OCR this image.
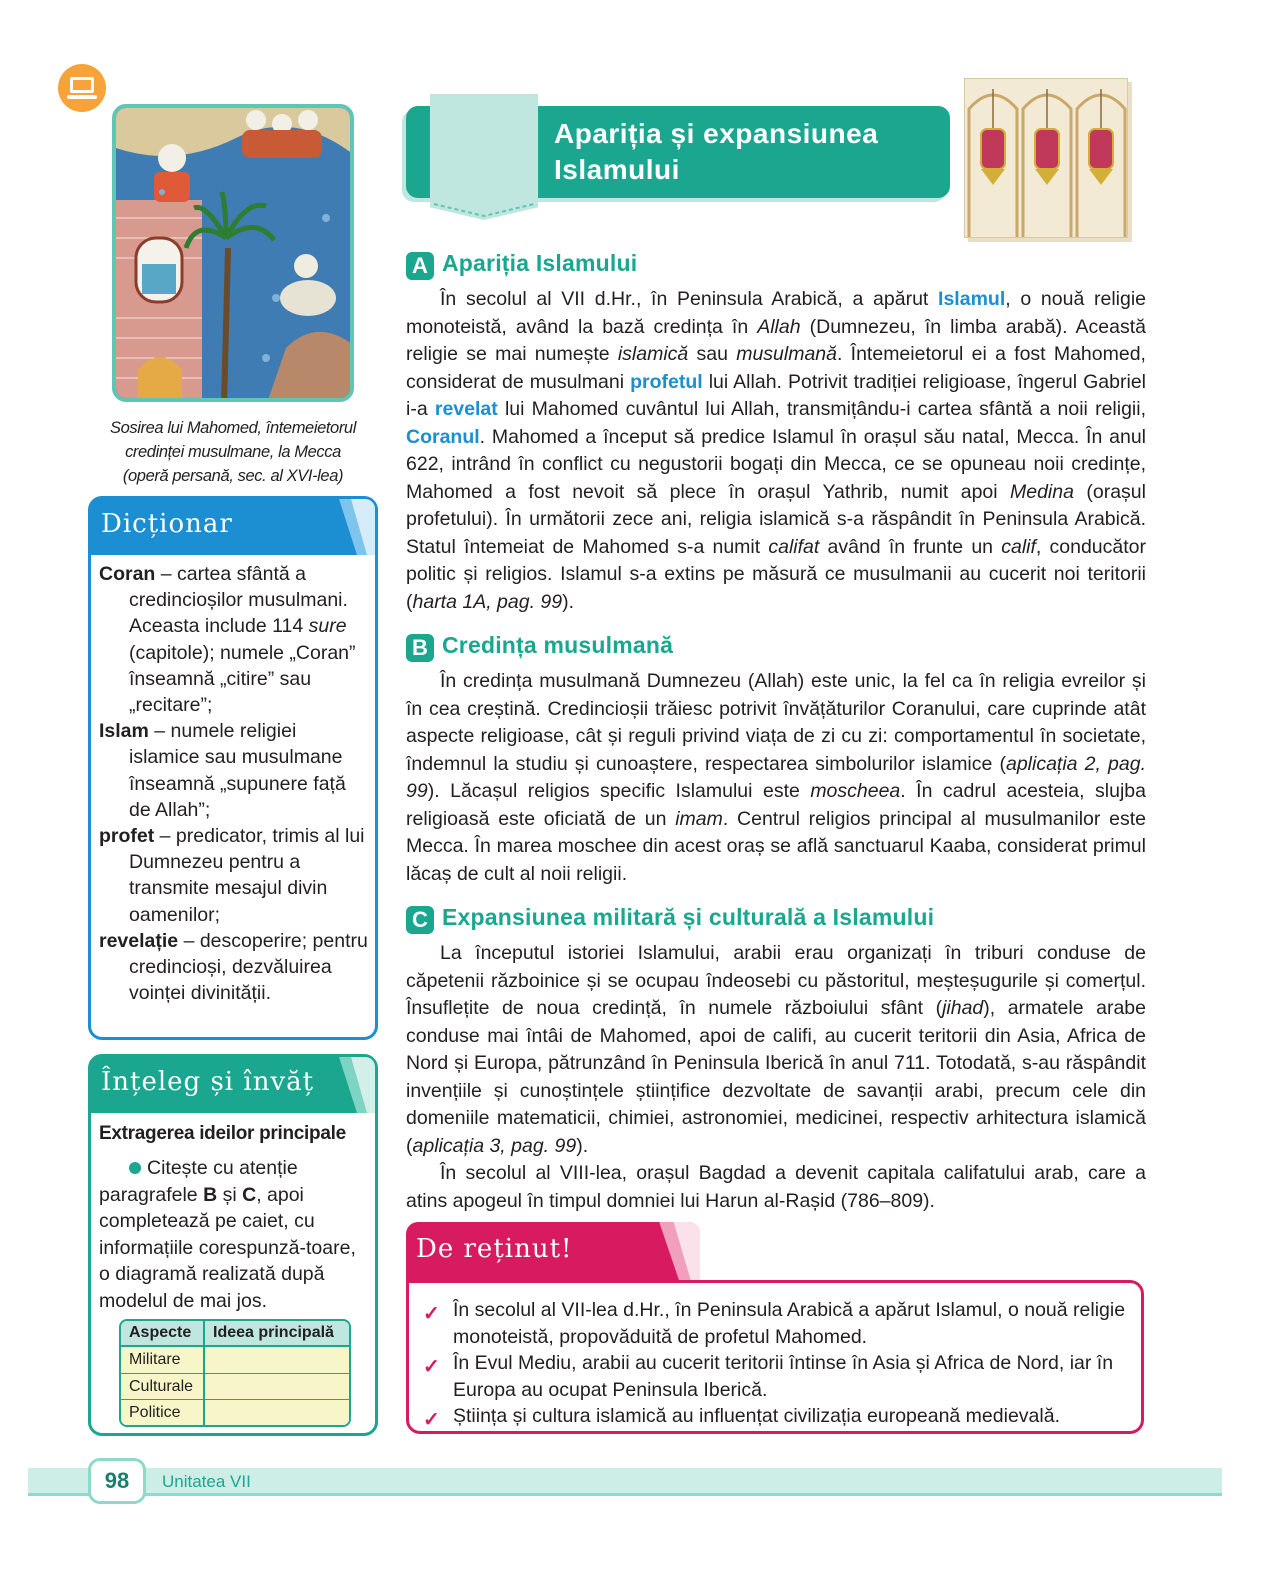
Sosirea lui Mahomed, întemeietorul
credinței musulmane, la Mecca
(operă persană, sec. al XVI-lea)
Dicționar
Coran – cartea sfântă a credincioșilor musulmani. Aceasta include 114 sure (capitole); numele „Coran” înseamnă „citire” sau „recitare”;
Islam – numele religiei islamice sau musulmane înseamnă „supunere față de Allah”;
profet – predicator, trimis al lui Dumnezeu pentru a transmite mesajul divin oamenilor;
revelație – descoperire; pentru credincioși, dezvăluirea voinței divinității.
Înțeleg și învăț
Extragerea ideilor principale
Citește cu atenție paragrafele B și C, apoi completează pe caiet, cu informațiile corespunză-toare, o diagramă realizată după modelul de mai jos.
Aspecte	Ideea principală
Militare	
Culturale	
Politice	
Apariția și expansiunea Islamului
A Apariția Islamului

În secolul al VII d.Hr., în Peninsula Arabică, a apărut Islamul, o nouă religie monoteistă, având la bază credința în Allah (Dumnezeu, în limba arabă). Această religie se mai numește islamică sau musulmană. Întemeietorul ei a fost Mahomed, considerat de musulmani profetul lui Allah. Potrivit tradiției religioase, îngerul Gabriel i-a revelat lui Mahomed cuvântul lui Allah, transmițându-i cartea sfântă a noii religii, Coranul. Mahomed a început să predice Islamul în orașul său natal, Mecca. În anul 622, intrând în conflict cu negustorii bogați din Mecca, ce se opuneau noii credințe, Mahomed a fost nevoit să plece în orașul Yathrib, numit apoi Medina (orașul profetului). În următorii zece ani, religia islamică s-a răspândit în Peninsula Arabică. Statul întemeiat de Mahomed s-a numit califat având în frunte un calif, conducător politic și religios. Islamul s-a extins pe măsură ce musulmanii au cucerit noi teritorii (harta 1A, pag. 99).

B Credința musulmană

În credința musulmană Dumnezeu (Allah) este unic, la fel ca în religia evreilor și în cea creștină. Credincioșii trăiesc potrivit învățăturilor Coranului, care cuprinde atât aspecte religioase, cât și reguli privind viața de zi cu zi: comportamentul în societate, îndemnul la studiu și cunoaștere, respectarea simbolurilor islamice (aplicația 2, pag. 99). Lăcașul religios specific Islamului este moscheea. În cadrul acesteia, slujba religioasă este oficiată de un imam. Centrul religios principal al musulmanilor este Mecca. În marea moschee din acest oraș se află sanctuarul Kaaba, considerat primul lăcaș de cult al noii religii.

C Expansiunea militară și culturală a Islamului

La începutul istoriei Islamului, arabii erau organizați în triburi conduse de căpetenii războinice și se ocupau îndeosebi cu păstoritul, meșteșugurile și comerțul. Însuflețite de noua credință, în numele războiului sfânt (jihad), armatele arabe conduse mai întâi de Mahomed, apoi de califi, au cucerit teritorii din Asia, Africa de Nord și Europa, pătrunzând în Peninsula Iberică în anul 711. Totodată, s-au răspândit invențiile și cunoștințele științifice dezvoltate de savanții arabi, precum cele din domeniile matematicii, chimiei, astronomiei, medicinei, respectiv arhitectura islamică (aplicația 3, pag. 99).

În secolul al VIII-lea, orașul Bagdad a devenit capitala califatului arab, care a atins apogeul în timpul domniei lui Harun al-Rașid (786–809).

De reținut!
✓ În secolul al VII-lea d.Hr., în Peninsula Arabică a apărut Islamul, o nouă religie monoteistă, propovăduită de profetul Mahomed.
✓ În Evul Mediu, arabii au cucerit teritorii întinse în Asia și Africa de Nord, iar în Europa au ocupat Peninsula Iberică.
✓ Știința și cultura islamică au influențat civilizația europeană medievală.
98	Unitatea VII
